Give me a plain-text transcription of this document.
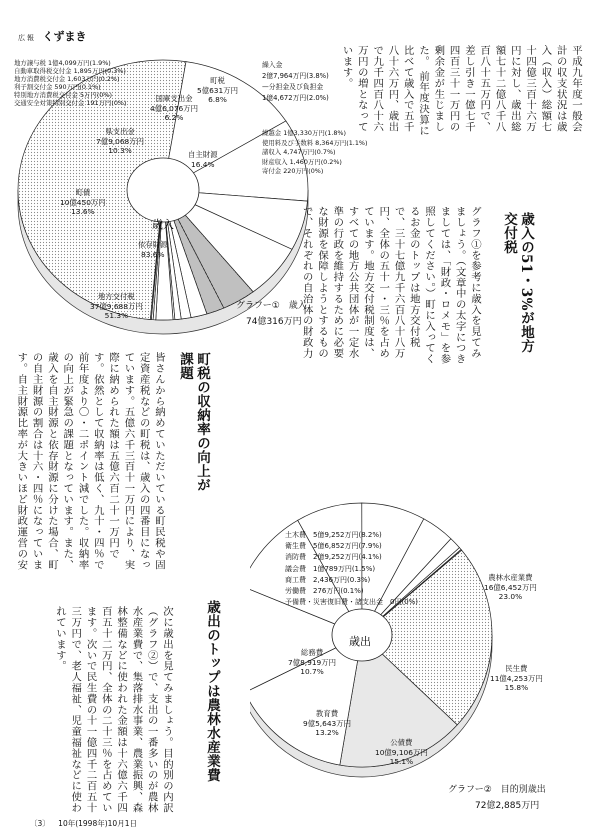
広報 くずまき
歳入
地方譲与税 1億4,099万円(1.9%)
自動車取得税交付金 1,895万円(0.3%)
地方消費税交付金 1,603万円(0.2%)
利子割交付金 590万円(0.1%)
特別地方消費税交付金 5万円(0%)
交通安全対策特別交付金 191万円(0%)
繰入金
2億7,964万円(3.8%)
—分担金及び負担金
1億4,672万円(2.0%)
繰越金 1億3,330万円(1.8%)
使用料及び手数料 8,364万円(1.1%)
諸収入 4,747万円(0.7%)
財産収入 1,460万円(0.2%)
寄付金 220万円(0%)
町税
5億631万円
6.8%
国庫支出金
4億6,076万円
6.2%
県支出金
7億9,068万円
10.3%
町債
10億450万円
13.6%
地方交付税
37億9,688万円
51.3%
自主財源
16.4%
依存財源
83.6%
グラフー①　歳入
74億316万円
平成九年度一般会計の収支状況は歳入（収入）総額七十四億三百十六万円に対し、歳出総額七十二億八千八百八十五万円で、差し引き一億七千四百三十一万円の剰余金が生じました。 前年度決算に比べて歳入で五千八十六万円、歳出で九千四百八十六万円の増となっています。
歳入の51・3%が地方交付税
グラフ①を参考に歳入を見てみましょう。（文章中の太字につきましては、「財政・ロメモ」を参照してください。）町に入ってくるお金のトップは地方交付税で、三十七億九千六百八十八万円、全体の五十一・三％を占めています。地方交付税制度は、すべての地方公共団体が一定水準の行政を維持するために必要な財源を保障しようとするもので、それぞれの自治体の財政力
町税の収納率の向上が課題
皆さんから納めていただいている町民税や固定資産税などの町税は、歳入の四番目になっています。五億六千三百十一万円により、実際に納められた額は五億六百二十一万円です。依然として収納率は低く、九十・四％で前年度より〇・二ポイント減でした。収納率の向上が緊急の課題となっています。また、歳入を自主財源と依存財源に分けた場合、町の自主財源の割合は十六・四％になっています。自主財源比率が大きいほど財政運営の安
歳出のトップは農林水産業費
次に歳出を見てみましょう。目的別の内訳（グラフ②）で、支出の一番多いのが農林水産業費で、集落排水事業、農業振興、森林整備などに使われた金額は十六億六千四百五十二万円、全体の二十三％を占めています。次いで民生費の十一億四千二百五十三万円で、老人福祉、児童福祉などに使われています。	歳出
土木費　 5億9,252万円(8.2%)
衛生費　 5億6,852万円(7.9%)
消防費　 2億9,252万円(4.1%)
議会費　 1億789万円(1.5%)
商工費　 2,436万円(0.3%)
労働費　 276万円(0.1%)
予備費・災害復旧費・諸支出金　 0円(0%)
農林水産業費
16億6,452万円
23.0%
民生費
11億4,253万円
15.8%
公債費
10億9,106万円
15.1%
教育費
9億5,643万円
13.2%
総務費
7億8,919万円
10.7%
グラフー②　目的別歳出
72億2,885万円
〔3〕 10年(1998年)10月1日
